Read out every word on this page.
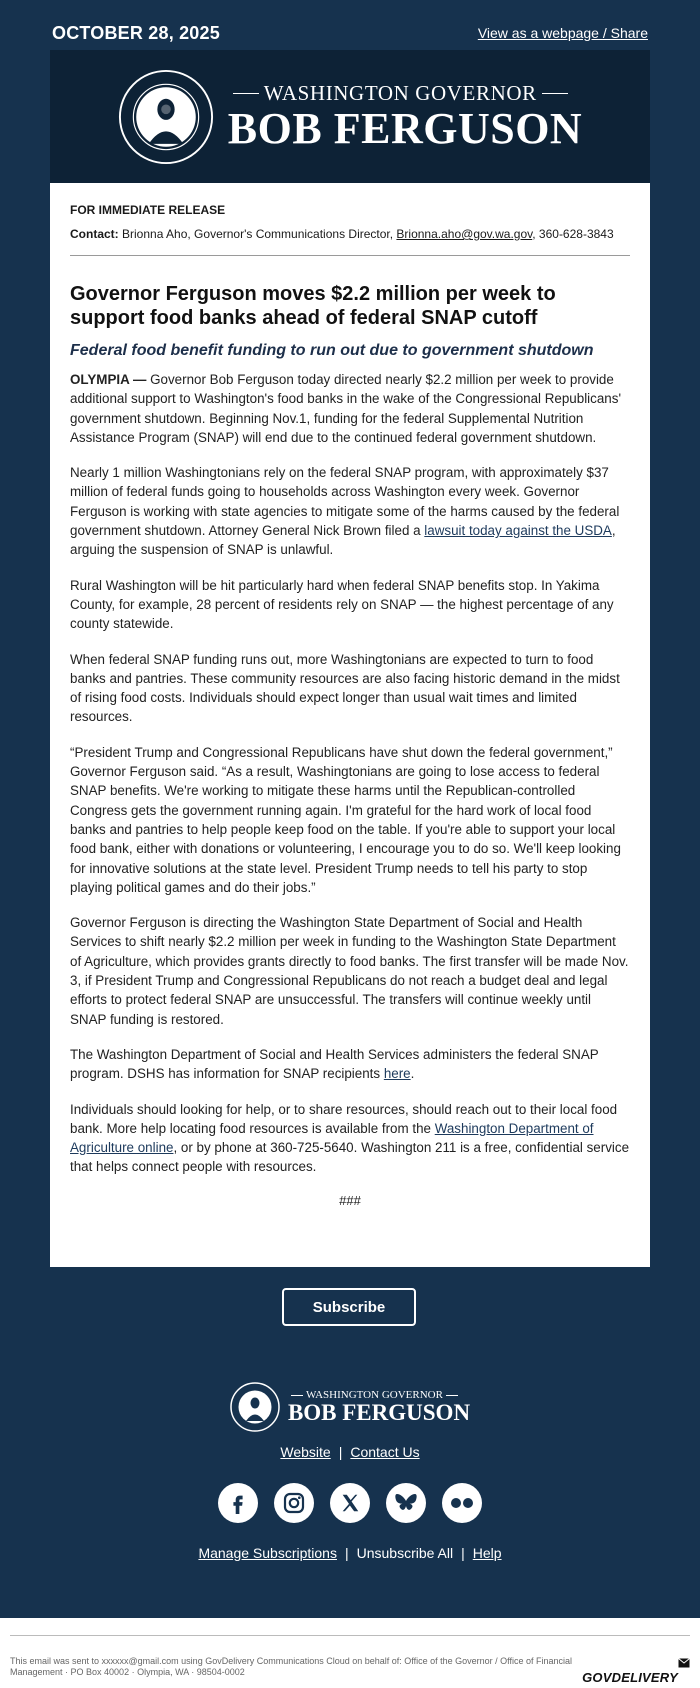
OCTOBER 28, 2025	View as a webpage / Share
WASHINGTON GOVERNOR
BOB FERGUSON
FOR IMMEDIATE RELEASE
Contact: Brionna Aho, Governor's Communications Director, Brionna.aho@gov.wa.gov, 360-628-3843
Governor Ferguson moves $2.2 million per week to support food banks ahead of federal SNAP cutoff
Federal food benefit funding to run out due to government shutdown

OLYMPIA — Governor Bob Ferguson today directed nearly $2.2 million per week to provide additional support to Washington's food banks in the wake of the Congressional Republicans' government shutdown. Beginning Nov.1, funding for the federal Supplemental Nutrition Assistance Program (SNAP) will end due to the continued federal government shutdown.

Nearly 1 million Washingtonians rely on the federal SNAP program, with approximately $37 million of federal funds going to households across Washington every week. Governor Ferguson is working with state agencies to mitigate some of the harms caused by the federal government shutdown. Attorney General Nick Brown filed a lawsuit today against the USDA, arguing the suspension of SNAP is unlawful.

Rural Washington will be hit particularly hard when federal SNAP benefits stop. In Yakima County, for example, 28 percent of residents rely on SNAP — the highest percentage of any county statewide.

When federal SNAP funding runs out, more Washingtonians are expected to turn to food banks and pantries. These community resources are also facing historic demand in the midst of rising food costs. Individuals should expect longer than usual wait times and limited resources.

“President Trump and Congressional Republicans have shut down the federal government,” Governor Ferguson said. “As a result, Washingtonians are going to lose access to federal SNAP benefits. We're working to mitigate these harms until the Republican-controlled Congress gets the government running again. I'm grateful for the hard work of local food banks and pantries to help people keep food on the table. If you're able to support your local food bank, either with donations or volunteering, I encourage you to do so. We'll keep looking for innovative solutions at the state level. President Trump needs to tell his party to stop playing political games and do their jobs.”

Governor Ferguson is directing the Washington State Department of Social and Health Services to shift nearly $2.2 million per week in funding to the Washington State Department of Agriculture, which provides grants directly to food banks. The first transfer will be made Nov. 3, if President Trump and Congressional Republicans do not reach a budget deal and legal efforts to protect federal SNAP are unsuccessful. The transfers will continue weekly until SNAP funding is restored.

The Washington Department of Social and Health Services administers the federal SNAP program. DSHS has information for SNAP recipients here.

Individuals should looking for help, or to share resources, should reach out to their local food bank. More help locating food resources is available from the Washington Department of Agriculture online, or by phone at 360-725-5640. Washington 211 is a free, confidential service that helps connect people with resources.

###
Subscribe
WASHINGTON GOVERNOR
BOB FERGUSON
Website | Contact Us
Manage Subscriptions | Unsubscribe All | Help
This email was sent to xxxxxx@gmail.com using GovDelivery Communications Cloud on behalf of: Office of the Governor / Office of Financial Management · PO Box 40002 · Olympia, WA · 98504-0002	GOVDELIVERY
